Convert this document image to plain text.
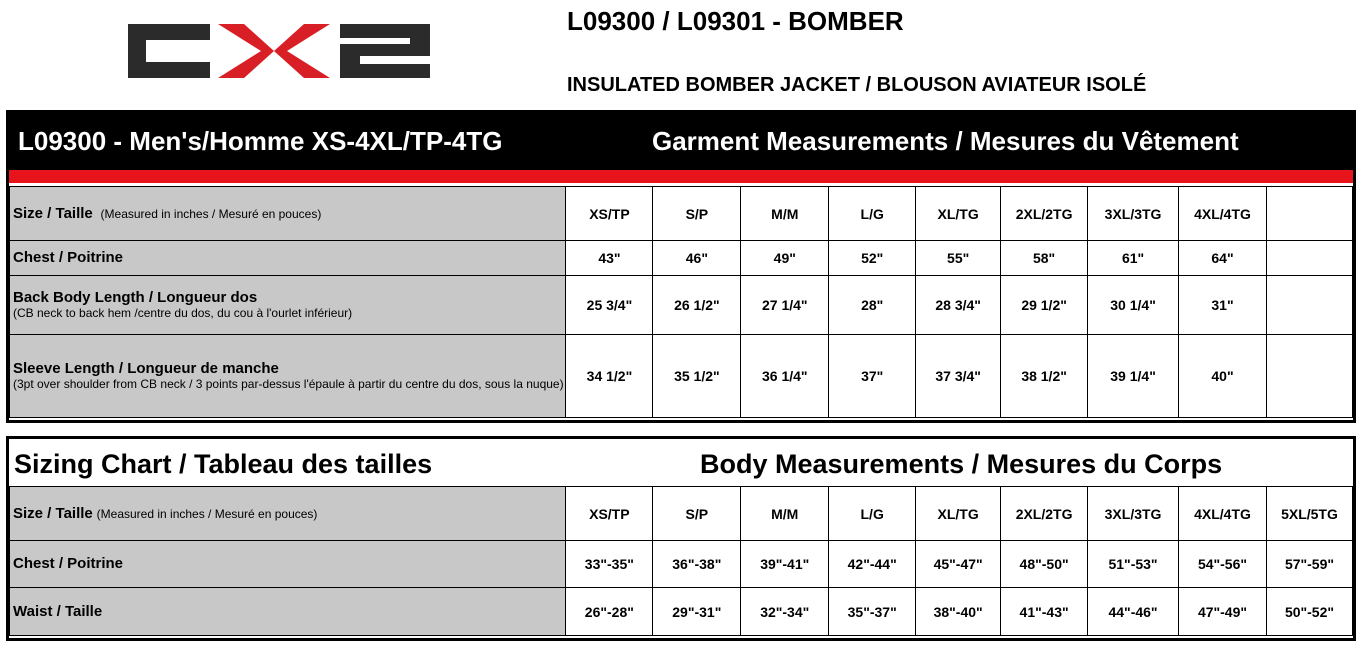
L09300 / L09301 - BOMBER
INSULATED BOMBER JACKET / BLOUSON AVIATEUR ISOLÉ
L09300 - Men's/Homme XS-4XL/TP-4TG	Garment Measurements / Mesures du Vêtement
Size / Taille (Measured in inches / Mesuré en pouces)	XS/TP	S/P	M/M	L/G	XL/TG	2XL/2TG	3XL/3TG	4XL/4TG	
Chest / Poitrine	43"	46"	49"	52"	55"	58"	61"	64"	
Back Body Length / Longueur dos
(CB neck to back hem /centre du dos, du cou à l'ourlet inférieur)	25 3/4"	26 1/2"	27 1/4"	28"	28 3/4"	29 1/2"	30 1/4"	31"	
Sleeve Length / Longueur de manche
(3pt over shoulder from CB neck / 3 points par-dessus l'épaule à partir du centre du dos, sous la nuque)	34 1/2"	35 1/2"	36 1/4"	37"	37 3/4"	38 1/2"	39 1/4"	40"	
Sizing Chart / Tableau des tailles	Body Measurements / Mesures du Corps
Size / Taille (Measured in inches / Mesuré en pouces)	XS/TP	S/P	M/M	L/G	XL/TG	2XL/2TG	3XL/3TG	4XL/4TG	5XL/5TG
Chest / Poitrine	33"-35"	36"-38"	39"-41"	42"-44"	45"-47"	48"-50"	51"-53"	54"-56"	57"-59"
Waist / Taille	26"-28"	29"-31"	32"-34"	35"-37"	38"-40"	41"-43"	44"-46"	47"-49"	50"-52"
